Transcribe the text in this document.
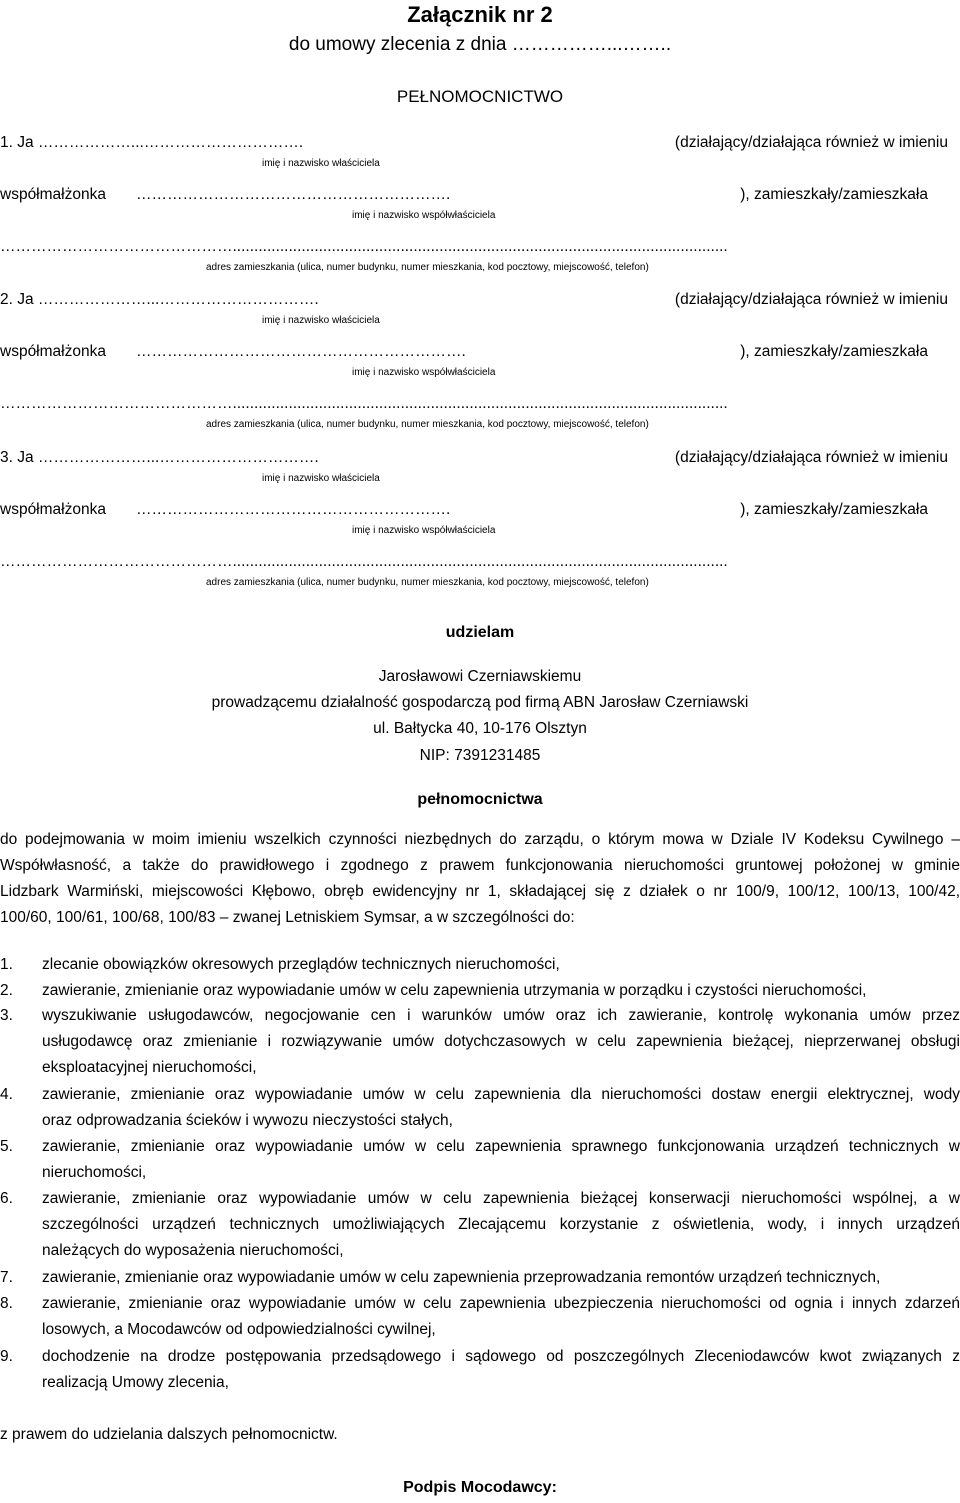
Załącznik nr 2
do umowy zlecenia z dnia ……………...……..
PEŁNOMOCNICTWO
1. Ja ………………...………………………….	(działający/działająca również w imieniu
imię i nazwisko właściciela
współmałżonka …………………………………………………….	), zamieszkały/zamieszkała
imię i nazwisko współwłaściciela
………………………………………...................................................................................................................
adres zamieszkania (ulica, numer budynku, numer mieszkania, kod pocztowy, miejscowość, telefon)
2. Ja …………………...………………………….	(działający/działająca również w imieniu
imię i nazwisko właściciela
współmałżonka ……………………………………………………….	), zamieszkały/zamieszkała
imię i nazwisko współwłaściciela
………………………………………...................................................................................................................
adres zamieszkania (ulica, numer budynku, numer mieszkania, kod pocztowy, miejscowość, telefon)
3. Ja …………………...………………………….	(działający/działająca również w imieniu
imię i nazwisko właściciela
współmałżonka …………………………………………………….	), zamieszkały/zamieszkała
imię i nazwisko współwłaściciela
………………………………………...................................................................................................................
adres zamieszkania (ulica, numer budynku, numer mieszkania, kod pocztowy, miejscowość, telefon)
udzielam
Jarosławowi Czerniawskiemu
prowadzącemu działalność gospodarczą pod firmą ABN Jarosław Czerniawski
ul. Bałtycka 40, 10-176 Olsztyn
NIP: 7391231485
pełnomocnictwa
do podejmowania w moim imieniu wszelkich czynności niezbędnych do zarządu, o którym mowa w Dziale IV Kodeksu Cywilnego –
Współwłasność, a także do prawidłowego i zgodnego z prawem funkcjonowania nieruchomości gruntowej położonej w gminie
Lidzbark Warmiński, miejscowości Kłębowo, obręb ewidencyjny nr 1, składającej się z działek o nr 100/9, 100/12, 100/13, 100/42,
100/60, 100/61, 100/68, 100/83 – zwanej Letniskiem Symsar, a w szczególności do:
1. zlecanie obowiązków okresowych przeglądów technicznych nieruchomości,
2. zawieranie, zmienianie oraz wypowiadanie umów w celu zapewnienia utrzymania w porządku i czystości nieruchomości,
3. wyszukiwanie usługodawców, negocjowanie cen i warunków umów oraz ich zawieranie, kontrolę wykonania umów przez
usługodawcę oraz zmienianie i rozwiązywanie umów dotychczasowych w celu zapewnienia bieżącej, nieprzerwanej obsługi
eksploatacyjnej nieruchomości,
4. zawieranie, zmienianie oraz wypowiadanie umów w celu zapewnienia dla nieruchomości dostaw energii elektrycznej, wody
oraz odprowadzania ścieków i wywozu nieczystości stałych,
5. zawieranie, zmienianie oraz wypowiadanie umów w celu zapewnienia sprawnego funkcjonowania urządzeń technicznych w
nieruchomości,
6. zawieranie, zmienianie oraz wypowiadanie umów w celu zapewnienia bieżącej konserwacji nieruchomości wspólnej, a w
szczególności urządzeń technicznych umożliwiających Zlecającemu korzystanie z oświetlenia, wody, i innych urządzeń
należących do wyposażenia nieruchomości,
7. zawieranie, zmienianie oraz wypowiadanie umów w celu zapewnienia przeprowadzania remontów urządzeń technicznych,
8. zawieranie, zmienianie oraz wypowiadanie umów w celu zapewnienia ubezpieczenia nieruchomości od ognia i innych zdarzeń
losowych, a Mocodawców od odpowiedzialności cywilnej,
9. dochodzenie na drodze postępowania przedsądowego i sądowego od poszczególnych Zleceniodawców kwot związanych z
realizacją Umowy zlecenia,
z prawem do udzielania dalszych pełnomocnictw.
Podpis Mocodawcy:
